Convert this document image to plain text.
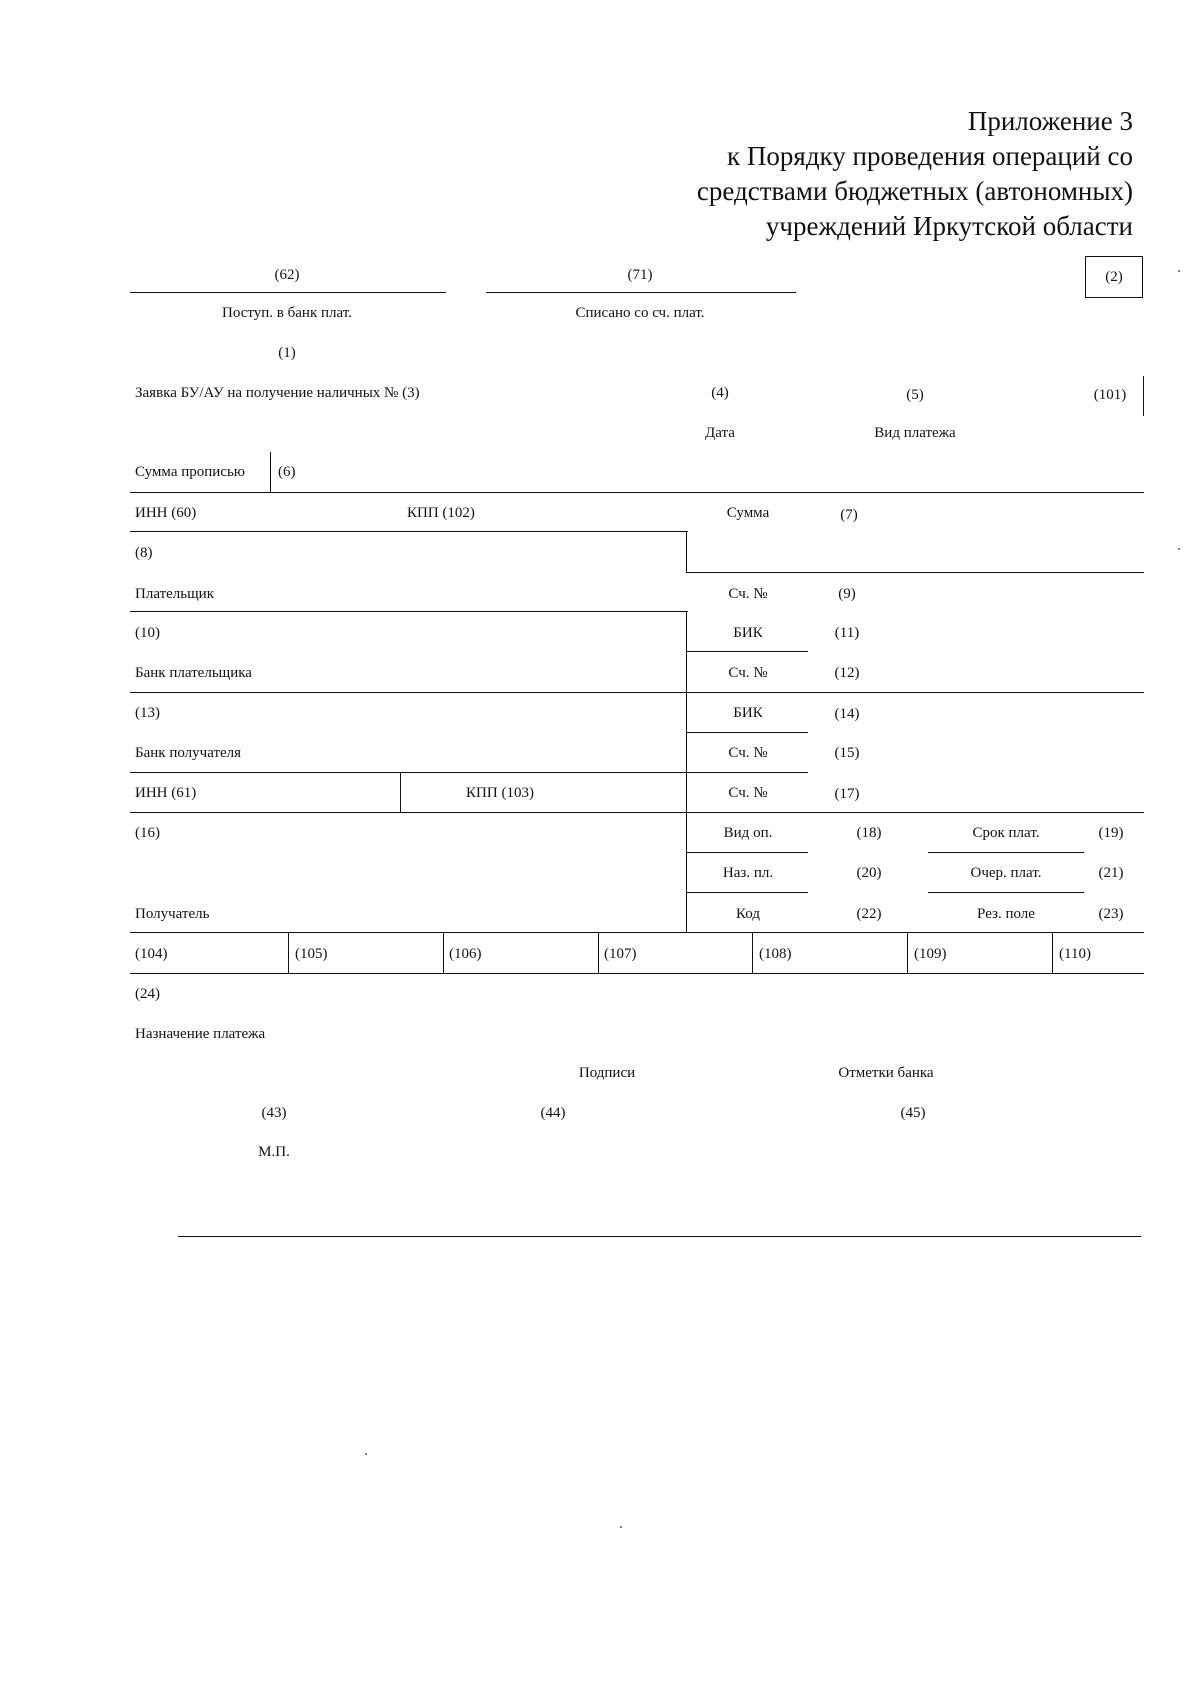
Приложение 3
к Порядку проведения операций со
средствами бюджетных (автономных)
учреждений Иркутской области
(62)
Поступ. в банк плат.
(71)
Списано со сч. плат.
(2)
(1)
Заявка БУ/АУ на получение наличных № (3)	(4)	(5)	(101)
Дата	Вид платежа
Сумма прописью (6)
ИНН (60)	КПП (102)	Сумма	(7)
(8)
Плательщик	Сч. №	(9)
(10)	БИК	(11)
Банк плательщика	Сч. №	(12)
(13)	БИК	(14)
Банк получателя	Сч. №	(15)
ИНН (61)	КПП (103)	Сч. №	(17)
(16)	Вид оп.	(18)	Срок плат.	(19)
Наз. пл.	(20)	Очер. плат.	(21)
Получатель	Код	(22)	Рез. поле	(23)
(104)	(105)	(106)	(107)	(108)	(109)	(110)
(24)
Назначение платежа
Подписи	Отметки банка
(43)	(44)	(45)
М.П.
